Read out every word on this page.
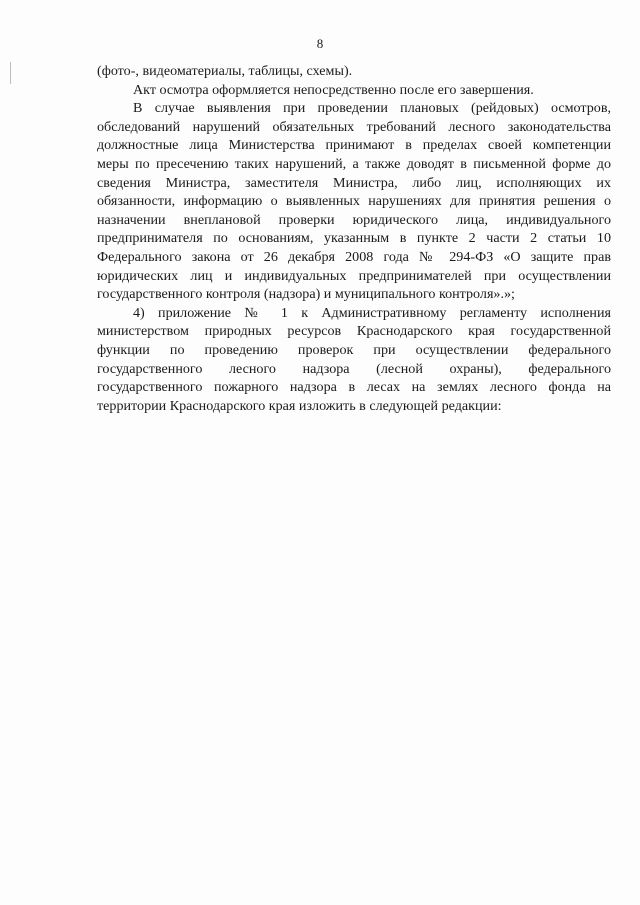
8
(фото-, видеоматериалы, таблицы, схемы).
Акт осмотра оформляется непосредственно после его завершения.
В случае выявления при проведении плановых (рейдовых) осмотров,
обследований нарушений обязательных требований лесного законодательства
должностные лица Министерства принимают в пределах своей компетенции
меры по пресечению таких нарушений, а также доводят в письменной форме до
сведения Министра, заместителя Министра, либо лиц, исполняющих их
обязанности, информацию о выявленных нарушениях для принятия решения о
назначении внеплановой проверки юридического лица, индивидуального
предпринимателя по основаниям, указанным в пункте 2 части 2 статьи 10
Федерального закона от 26 декабря 2008 года № 294-ФЗ «О защите прав
юридических лиц и индивидуальных предпринимателей при осуществлении
государственного контроля (надзора) и муниципального контроля».»;
4) приложение № 1 к Административному регламенту исполнения
министерством природных ресурсов Краснодарского края государственной
функции по проведению проверок при осуществлении федерального
государственного лесного надзора (лесной охраны), федерального
государственного пожарного надзора в лесах на землях лесного фонда на
территории Краснодарского края изложить в следующей редакции:
